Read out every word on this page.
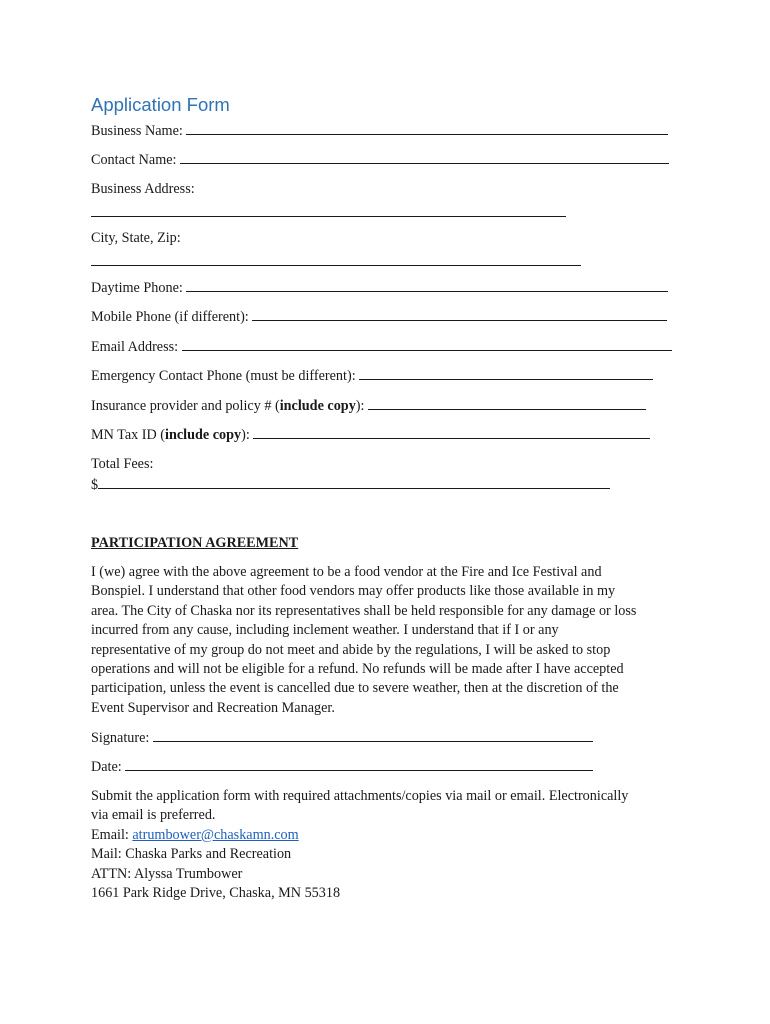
Application Form
Business Name:
Contact Name:
Business Address:
City, State, Zip:
Daytime Phone:
Mobile Phone (if different):
Email Address:
Emergency Contact Phone (must be different):
Insurance provider and policy # (include copy):
MN Tax ID (include copy):
Total Fees:
$
PARTICIPATION AGREEMENT
I (we) agree with the above agreement to be a food vendor at the Fire and Ice Festival and
Bonspiel. I understand that other food vendors may offer products like those available in my
area. The City of Chaska nor its representatives shall be held responsible for any damage or loss
incurred from any cause, including inclement weather. I understand that if I or any
representative of my group do not meet and abide by the regulations, I will be asked to stop
operations and will not be eligible for a refund. No refunds will be made after I have accepted
participation, unless the event is cancelled due to severe weather, then at the discretion of the
Event Supervisor and Recreation Manager.
Signature:
Date:
Submit the application form with required attachments/copies via mail or email. Electronically
via email is preferred.
Email: atrumbower@chaskamn.com
Mail: Chaska Parks and Recreation
ATTN: Alyssa Trumbower
1661 Park Ridge Drive, Chaska, MN 55318
